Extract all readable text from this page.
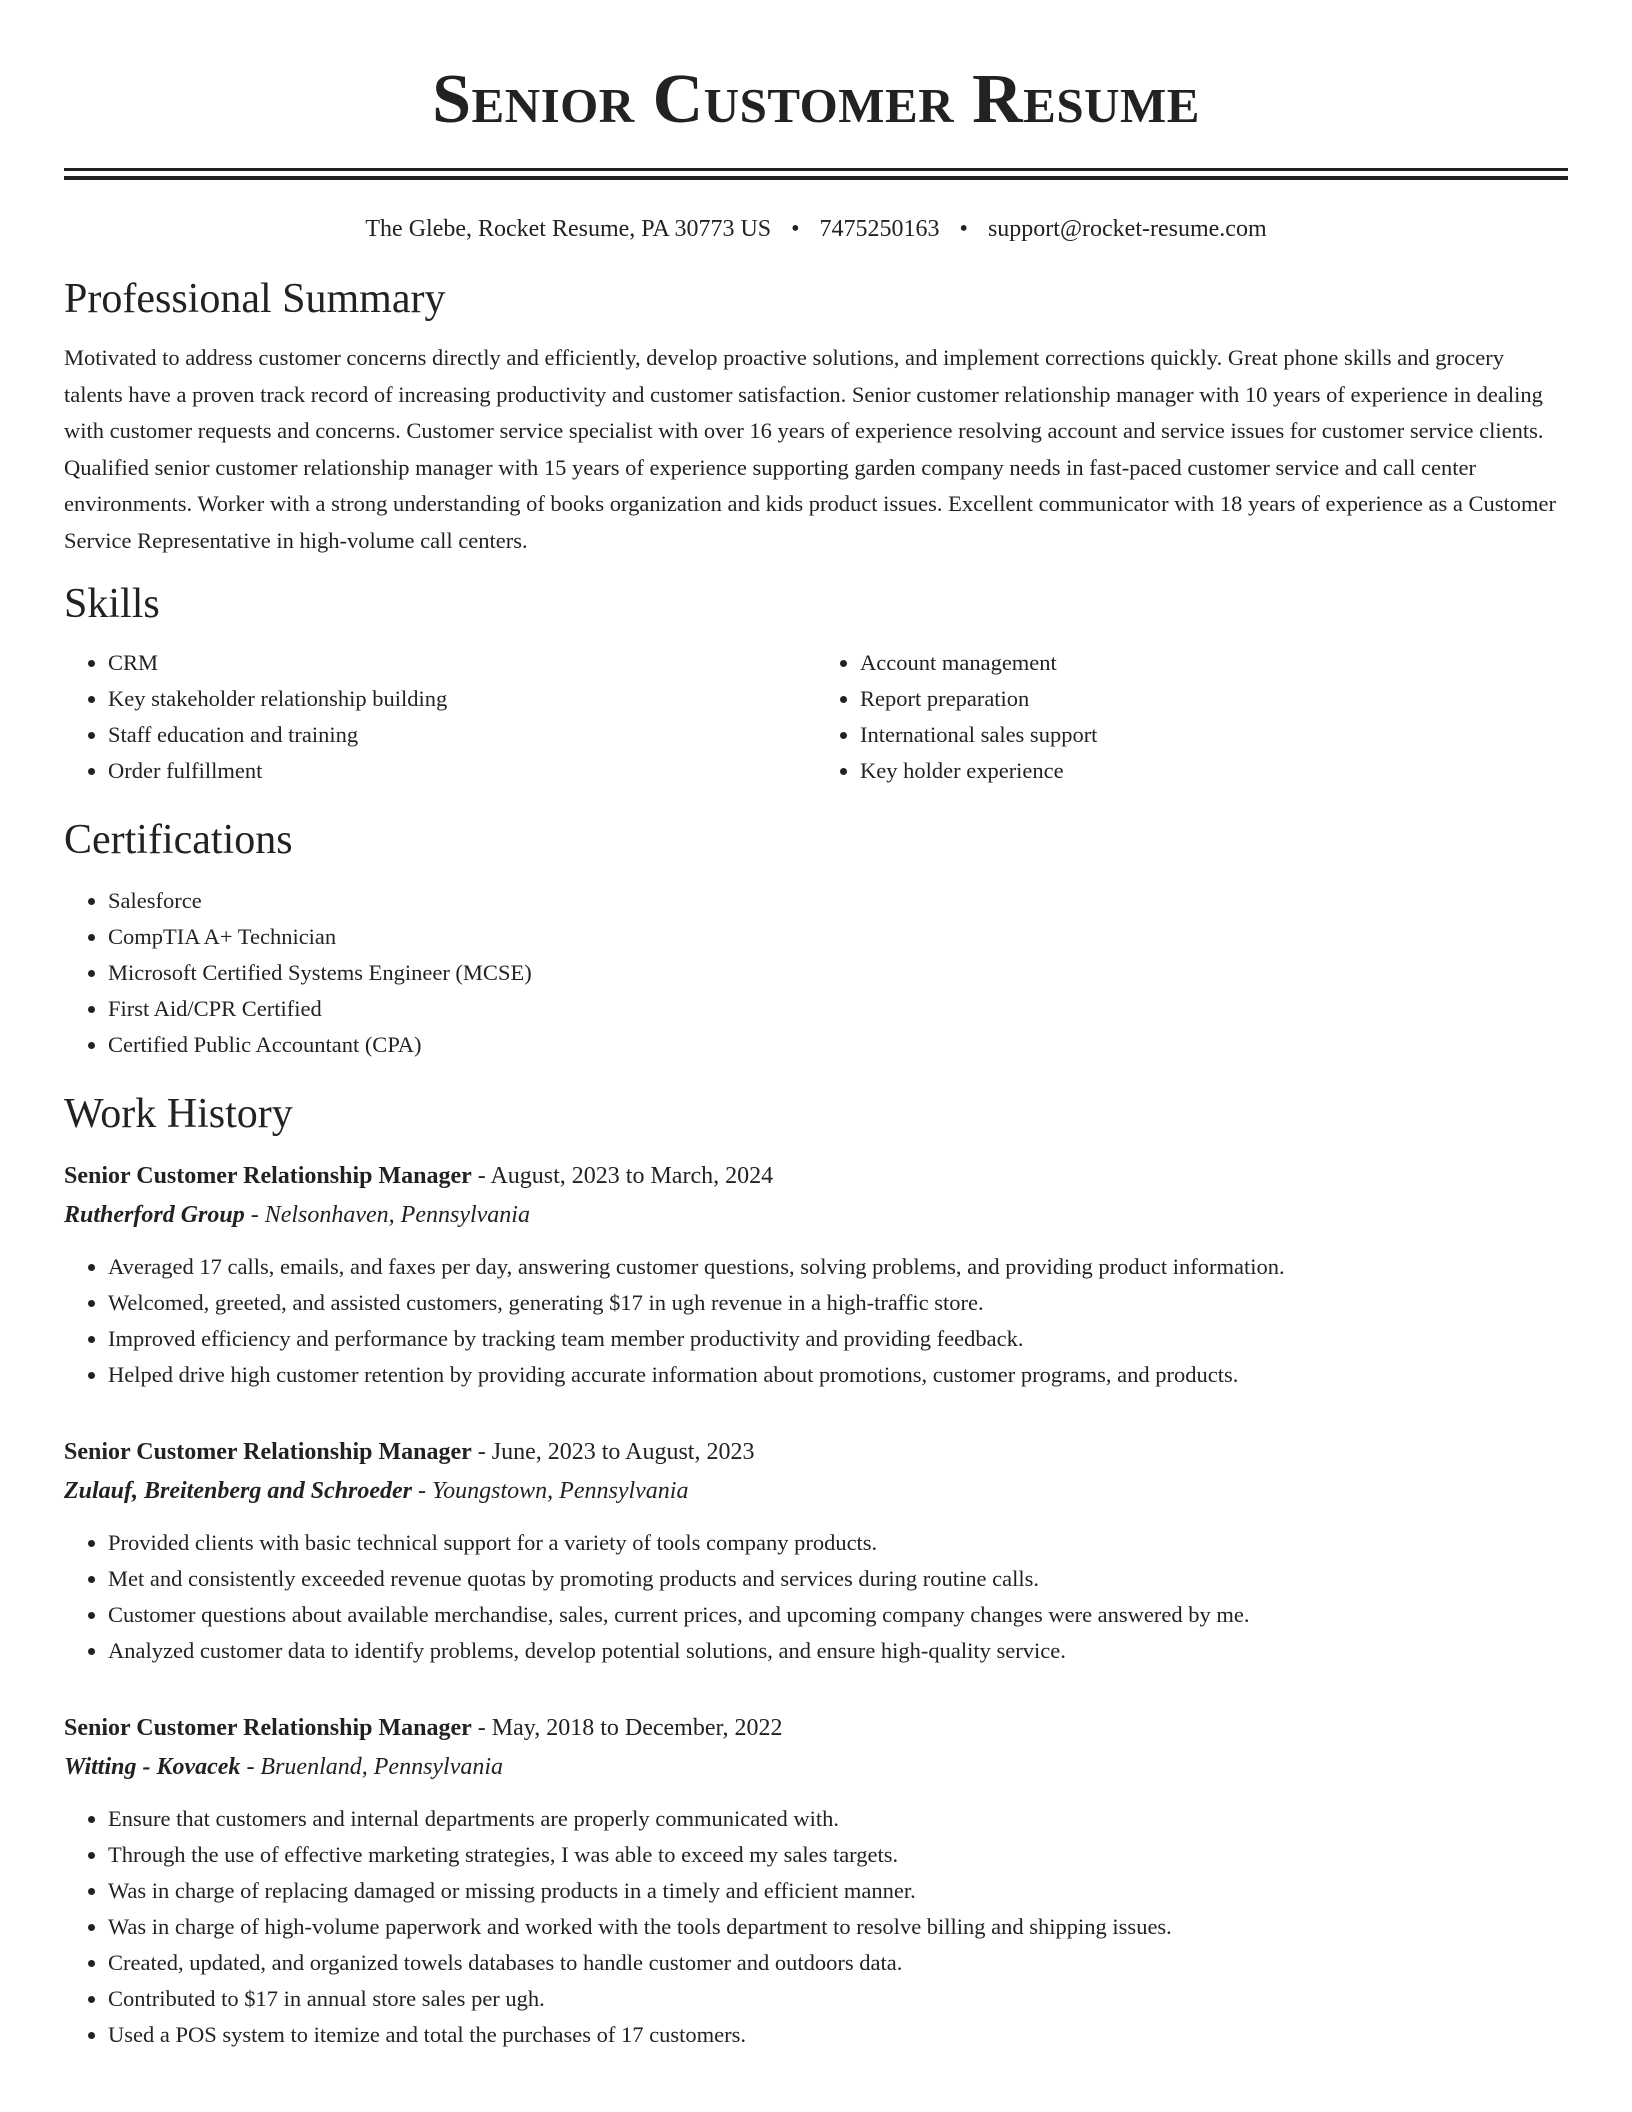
Senior Customer Resume
The Glebe, Rocket Resume, PA 30773 US • 7475250163 • support@rocket-resume.com
Professional Summary

Motivated to address customer concerns directly and efficiently, develop proactive solutions, and implement corrections quickly. Great phone skills and grocery talents have a proven track record of increasing productivity and customer satisfaction. Senior customer relationship manager with 10 years of experience in dealing with customer requests and concerns. Customer service specialist with over 16 years of experience resolving account and service issues for customer service clients. Qualified senior customer relationship manager with 15 years of experience supporting garden company needs in fast-paced customer service and call center environments. Worker with a strong understanding of books organization and kids product issues. Excellent communicator with 18 years of experience as a Customer Service Representative in high-volume call centers.

Skills
• CRM
• Key stakeholder relationship building
• Staff education and training
• Order fulfillment
• Account management
• Report preparation
• International sales support
• Key holder experience
Certifications
• Salesforce
• CompTIA A+ Technician
• Microsoft Certified Systems Engineer (MCSE)
• First Aid/CPR Certified
• Certified Public Accountant (CPA)
Work History
Senior Customer Relationship Manager - August, 2023 to March, 2024
Rutherford Group - Nelsonhaven, Pennsylvania
• Averaged 17 calls, emails, and faxes per day, answering customer questions, solving problems, and providing product information.
• Welcomed, greeted, and assisted customers, generating $17 in ugh revenue in a high-traffic store.
• Improved efficiency and performance by tracking team member productivity and providing feedback.
• Helped drive high customer retention by providing accurate information about promotions, customer programs, and products.
Senior Customer Relationship Manager - June, 2023 to August, 2023
Zulauf, Breitenberg and Schroeder - Youngstown, Pennsylvania
• Provided clients with basic technical support for a variety of tools company products.
• Met and consistently exceeded revenue quotas by promoting products and services during routine calls.
• Customer questions about available merchandise, sales, current prices, and upcoming company changes were answered by me.
• Analyzed customer data to identify problems, develop potential solutions, and ensure high-quality service.
Senior Customer Relationship Manager - May, 2018 to December, 2022
Witting - Kovacek - Bruenland, Pennsylvania
• Ensure that customers and internal departments are properly communicated with.
• Through the use of effective marketing strategies, I was able to exceed my sales targets.
• Was in charge of replacing damaged or missing products in a timely and efficient manner.
• Was in charge of high-volume paperwork and worked with the tools department to resolve billing and shipping issues.
• Created, updated, and organized towels databases to handle customer and outdoors data.
• Contributed to $17 in annual store sales per ugh.
• Used a POS system to itemize and total the purchases of 17 customers.
